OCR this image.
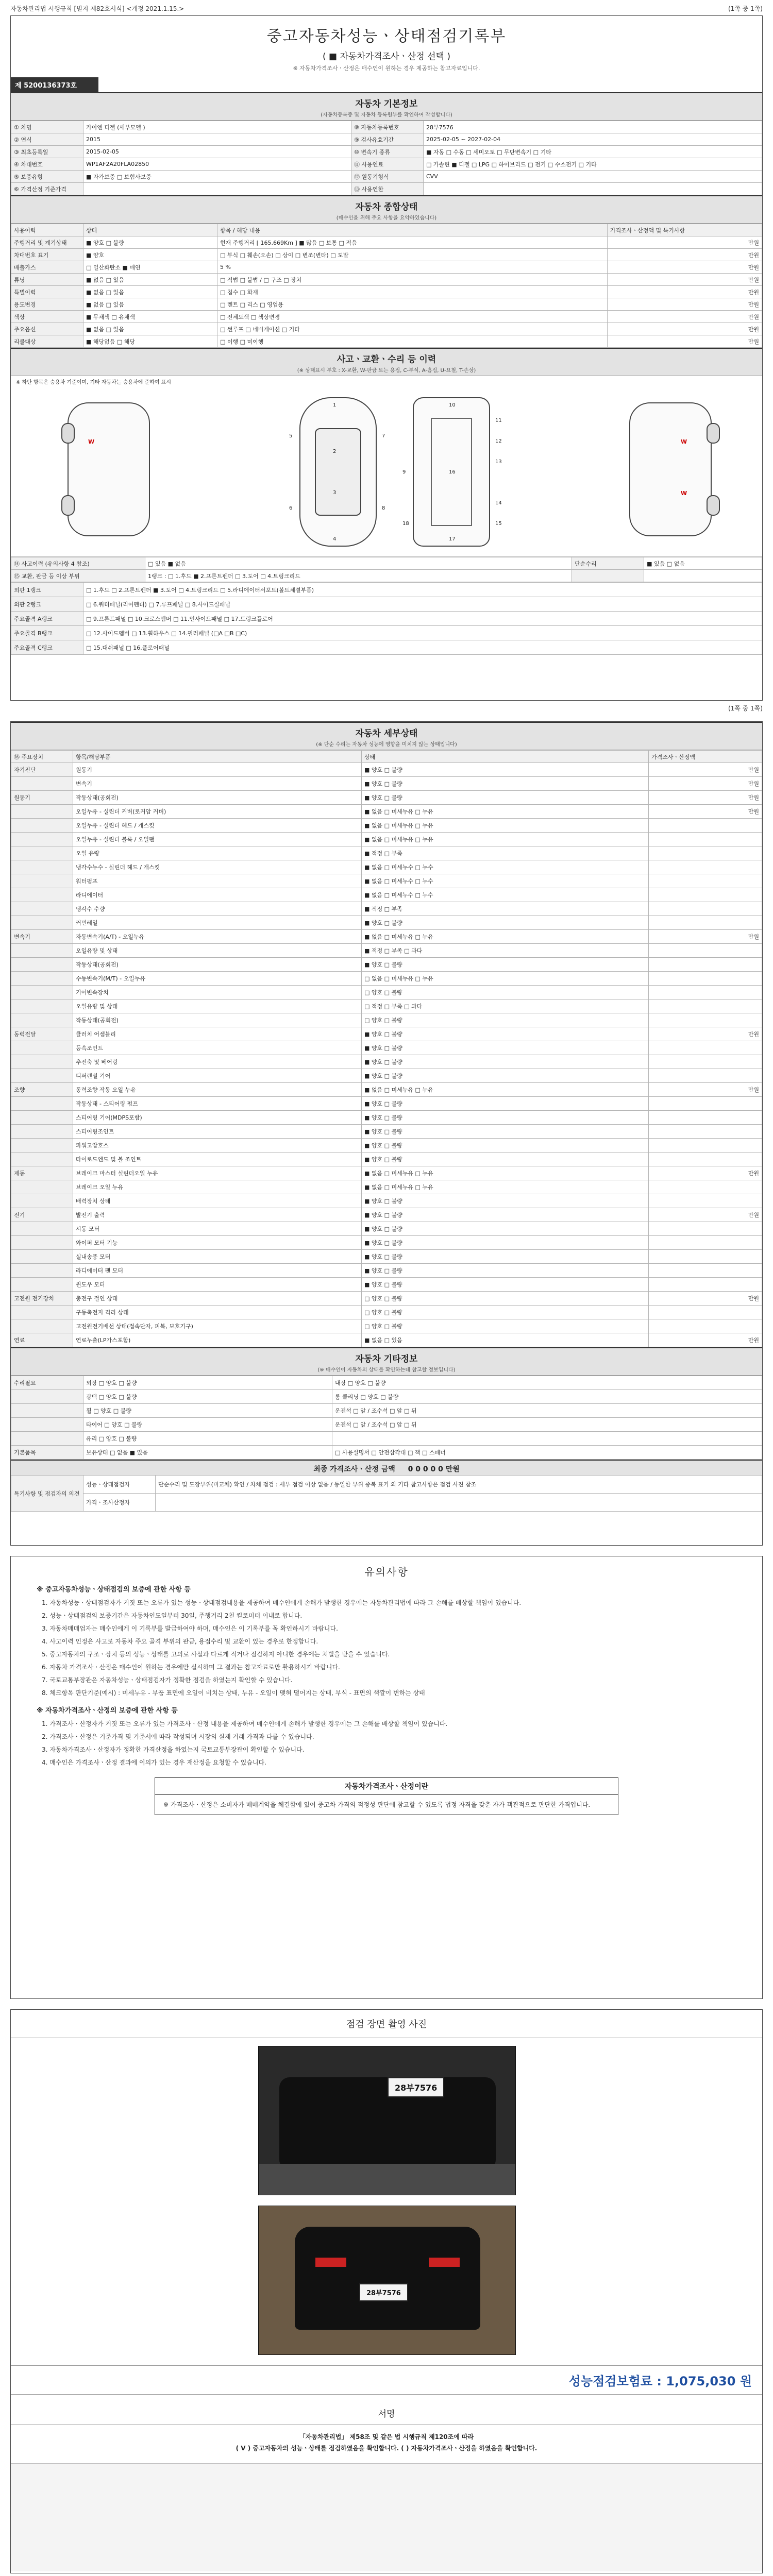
자동차관리법 시행규칙 [별지 제82호서식] <개정 2021.1.15.>	(1쪽 중 1쪽)
중고자동차성능ㆍ상태점검기록부
( ■ 자동차가격조사ㆍ산정 선택 )
※ 자동차가격조사ㆍ산정은 매수인이 원하는 경우 제공하는 참고자료입니다.
제 5200136373호
자동차 기본정보
(자동차등록증 및 자동차 등록원부를 확인하여 작성합니다)
① 차명	카이엔 디젤 (세부모델 )	⑧ 자동차등록번호	28부7576
② 연식	2015	⑨ 검사유효기간	2025-02-05 ~ 2027-02-04
③ 최초등록일	2015-02-05	⑩ 변속기 종류	■ 자동 □ 수동 □ 세미오토 □ 무단변속기 □ 기타
④ 차대번호	WP1AF2A20FLA02850	⑪ 사용연료	□ 가솔린 ■ 디젤 □ LPG □ 하이브리드 □ 전기 □ 수소전기 □ 기타
⑤ 보증유형	■ 자가보증 □ 보험사보증	⑫ 원동기형식	CVV
⑥ 가격산정 기준가격		⑬ 사용연한	
자동차 종합상태
(매수인을 위해 주요 사항을 요약하였습니다)
사용이력	상태	항목 / 해당 내용	가격조사ㆍ산정액 및 특기사항
주행거리 및 계기상태	■ 양호 □ 불량	현재 주행거리 [ 165,669Km ] ■ 많음 □ 보통 □ 적음	만원
차대번호 표기	■ 양호	□ 부식 □ 훼손(오손) □ 상이 □ 변조(변타) □ 도말	만원
배출가스	□ 일산화탄소 ■ 매연	5 %	만원
튜닝	■ 없음 □ 있음	□ 적법 □ 불법 / □ 구조 □ 장치	만원
특별이력	■ 없음 □ 있음	□ 침수 □ 화재	만원
용도변경	■ 없음 □ 있음	□ 렌트 □ 리스 □ 영업용	만원
색상	■ 무채색 □ 유채색	□ 전체도색 □ 색상변경	만원
주요옵션	■ 없음 □ 있음	□ 썬루프 □ 네비게이션 □ 기타	만원
리콜대상	■ 해당없음 □ 해당	□ 이행 □ 미이행	만원
사고ㆍ교환ㆍ수리 등 이력
(※ 상태표시 부호 : X-교환, W-판금 또는 용접, C-부식, A-흠집, U-요철, T-손상)
※ 하단 항목은 승용차 기준이며, 기타 자동차는 승용차에 준하여 표시
W	W
W
1
2
3
4
5
6
7
8
9
10
11
12
13
14
15
16
17
18
⑭ 사고이력 (유의사항 4 참조)	□ 있음 ■ 없음	단순수리	■ 있음 □ 없음
⑮ 교환, 판금 등 이상 부위	1랭크 : □ 1.후드 ■ 2.프론트펜더 □ 3.도어 □ 4.트렁크리드		
외판 1랭크	□ 1.후드 □ 2.프론트펜더 ■ 3.도어 □ 4.트렁크리드 □ 5.라디에이터서포트(볼트체결부품)
외판 2랭크	□ 6.쿼터패널(리어펜더) □ 7.루프패널 □ 8.사이드실패널
주요골격 A랭크	□ 9.프론트패널 □ 10.크로스멤버 □ 11.인사이드패널 □ 17.트렁크플로어
주요골격 B랭크	□ 12.사이드멤버 □ 13.휠하우스 □ 14.필러패널 (□A □B □C)
주요골격 C랭크	□ 15.대쉬패널 □ 16.플로어패널
(1쪽 중 1쪽)
자동차 세부상태
(※ 단순 수리는 자동차 성능에 영향을 미치지 않는 상태입니다)
⑯ 주요장치	항목/해당부품	상태	가격조사ㆍ산정액
자기진단	원동기	■ 양호 □ 불량	만원
	변속기	■ 양호 □ 불량	만원
원동기	작동상태(공회전)	■ 양호 □ 불량	만원
	오일누유 - 실린더 커버(로커암 커버)	■ 없음 □ 미세누유 □ 누유	만원
	오일누유 - 실린더 헤드 / 개스킷	■ 없음 □ 미세누유 □ 누유	
	오일누유 - 실린더 블록 / 오일팬	■ 없음 □ 미세누유 □ 누유	
	오일 유량	■ 적정 □ 부족	
	냉각수누수 - 실린더 헤드 / 개스킷	■ 없음 □ 미세누수 □ 누수	
	워터펌프	■ 없음 □ 미세누수 □ 누수	
	라디에이터	■ 없음 □ 미세누수 □ 누수	
	냉각수 수량	■ 적정 □ 부족	
	커먼레일	■ 양호 □ 불량	
변속기	자동변속기(A/T) - 오일누유	■ 없음 □ 미세누유 □ 누유	만원
	오일유량 및 상태	■ 적정 □ 부족 □ 과다	
	작동상태(공회전)	■ 양호 □ 불량	
	수동변속기(M/T) - 오일누유	□ 없음 □ 미세누유 □ 누유	
	기어변속장치	□ 양호 □ 불량	
	오일유량 및 상태	□ 적정 □ 부족 □ 과다	
	작동상태(공회전)	□ 양호 □ 불량	
동력전달	클러치 어셈블리	■ 양호 □ 불량	만원
	등속조인트	■ 양호 □ 불량	
	추진축 및 베어링	■ 양호 □ 불량	
	디퍼렌셜 기어	■ 양호 □ 불량	
조향	동력조향 작동 오일 누유	■ 없음 □ 미세누유 □ 누유	만원
	작동상태 - 스티어링 펌프	■ 양호 □ 불량	
	스티어링 기어(MDPS포함)	■ 양호 □ 불량	
	스티어링조인트	■ 양호 □ 불량	
	파워고압호스	■ 양호 □ 불량	
	타이로드엔드 및 볼 조인트	■ 양호 □ 불량	
제동	브레이크 마스터 실린더오일 누유	■ 없음 □ 미세누유 □ 누유	만원
	브레이크 오일 누유	■ 없음 □ 미세누유 □ 누유	
	배력장치 상태	■ 양호 □ 불량	
전기	발전기 출력	■ 양호 □ 불량	만원
	시동 모터	■ 양호 □ 불량	
	와이퍼 모터 기능	■ 양호 □ 불량	
	실내송풍 모터	■ 양호 □ 불량	
	라디에이터 팬 모터	■ 양호 □ 불량	
	윈도우 모터	■ 양호 □ 불량	
고전원 전기장치	충전구 절연 상태	□ 양호 □ 불량	만원
	구동축전지 격리 상태	□ 양호 □ 불량	
	고전원전기배선 상태(접속단자, 피복, 보호기구)	□ 양호 □ 불량	
연료	연료누출(LP가스포함)	■ 없음 □ 있음	만원
자동차 기타정보
(※ 매수인이 자동차의 상태를 확인하는데 참고할 정보입니다)
수리필요	외장 □ 양호 □ 불량	내장 □ 양호 □ 불량
	광택 □ 양호 □ 불량	룸 클리닝 □ 양호 □ 불량
	휠 □ 양호 □ 불량	운전석 □ 앞 / 조수석 □ 앞 □ 뒤
	타이어 □ 양호 □ 불량	운전석 □ 앞 / 조수석 □ 앞 □ 뒤
	유리 □ 양호 □ 불량	
기본품목	보유상태 □ 없음 ■ 있음	□ 사용설명서 □ 안전삼각대 □ 잭 □ 스패너
최종 가격조사ㆍ산정 금액 0 0 0 0 0 만원
특기사항 및 점검자의 의견	성능ㆍ상태점검자	단순수리 및 도장부위(비교체) 확인 / 차체 점검 : 세부 점검 이상 없음 / 동일한 부위 중복 표기 외 기타 참고사항은 점검 사진 참조
	가격ㆍ조사산정자	
유의사항
※ 중고자동차성능ㆍ상태점검의 보증에 관한 사항 등
1. 자동차성능ㆍ상태점검자가 거짓 또는 오류가 있는 성능ㆍ상태점검내용을 제공하여 매수인에게 손해가 발생한 경우에는 자동차관리법에 따라 그 손해를 배상할 책임이 있습니다.
2. 성능ㆍ상태점검의 보증기간은 자동차인도일부터 30일, 주행거리 2천 킬로미터 이내로 합니다.
3. 자동차매매업자는 매수인에게 이 기록부를 발급하여야 하며, 매수인은 이 기록부를 꼭 확인하시기 바랍니다.
4. 사고이력 인정은 사고로 자동차 주요 골격 부위의 판금, 용접수리 및 교환이 있는 경우로 한정합니다.
5. 중고자동차의 구조ㆍ장치 등의 성능ㆍ상태를 고의로 사실과 다르게 적거나 점검하지 아니한 경우에는 처벌을 받을 수 있습니다.
6. 자동차 가격조사ㆍ산정은 매수인이 원하는 경우에만 실시하며 그 결과는 참고자료로만 활용하시기 바랍니다.
7. 국토교통부장관은 자동차성능ㆍ상태점검자가 정확한 점검을 하였는지 확인할 수 있습니다.
8. 체크항목 판단기준(예시) : 미세누유 - 부품 표면에 오일이 비치는 상태, 누유 - 오일이 맺혀 떨어지는 상태, 부식 - 표면의 색깔이 변하는 상태
※ 자동차가격조사ㆍ산정의 보증에 관한 사항 등
1. 가격조사ㆍ산정자가 거짓 또는 오류가 있는 가격조사ㆍ산정 내용을 제공하여 매수인에게 손해가 발생한 경우에는 그 손해를 배상할 책임이 있습니다.
2. 가격조사ㆍ산정은 기준가격 및 기준서에 따라 작성되며 시장의 실제 거래 가격과 다를 수 있습니다.
3. 자동차가격조사ㆍ산정자가 정확한 가격산정을 하였는지 국토교통부장관이 확인할 수 있습니다.
4. 매수인은 가격조사ㆍ산정 결과에 이의가 있는 경우 재산정을 요청할 수 있습니다.
자동차가격조사ㆍ산정이란
※ 가격조사ㆍ산정은 소비자가 매매계약을 체결함에 있어 중고차 가격의 적정성 판단에 참고할 수 있도록 법정 자격을 갖춘 자가 객관적으로 판단한 가격입니다.
점검 장면 촬영 사진
28부7576
28부7576
성능점검보험료 : 1,075,030 원
서명
「자동차관리법」 제58조 및 같은 법 시행규칙 제120조에 따라
( V ) 중고자동차의 성능ㆍ상태를 점검하였음을 확인합니다. ( ) 자동차가격조사ㆍ산정을 하였음을 확인합니다.
